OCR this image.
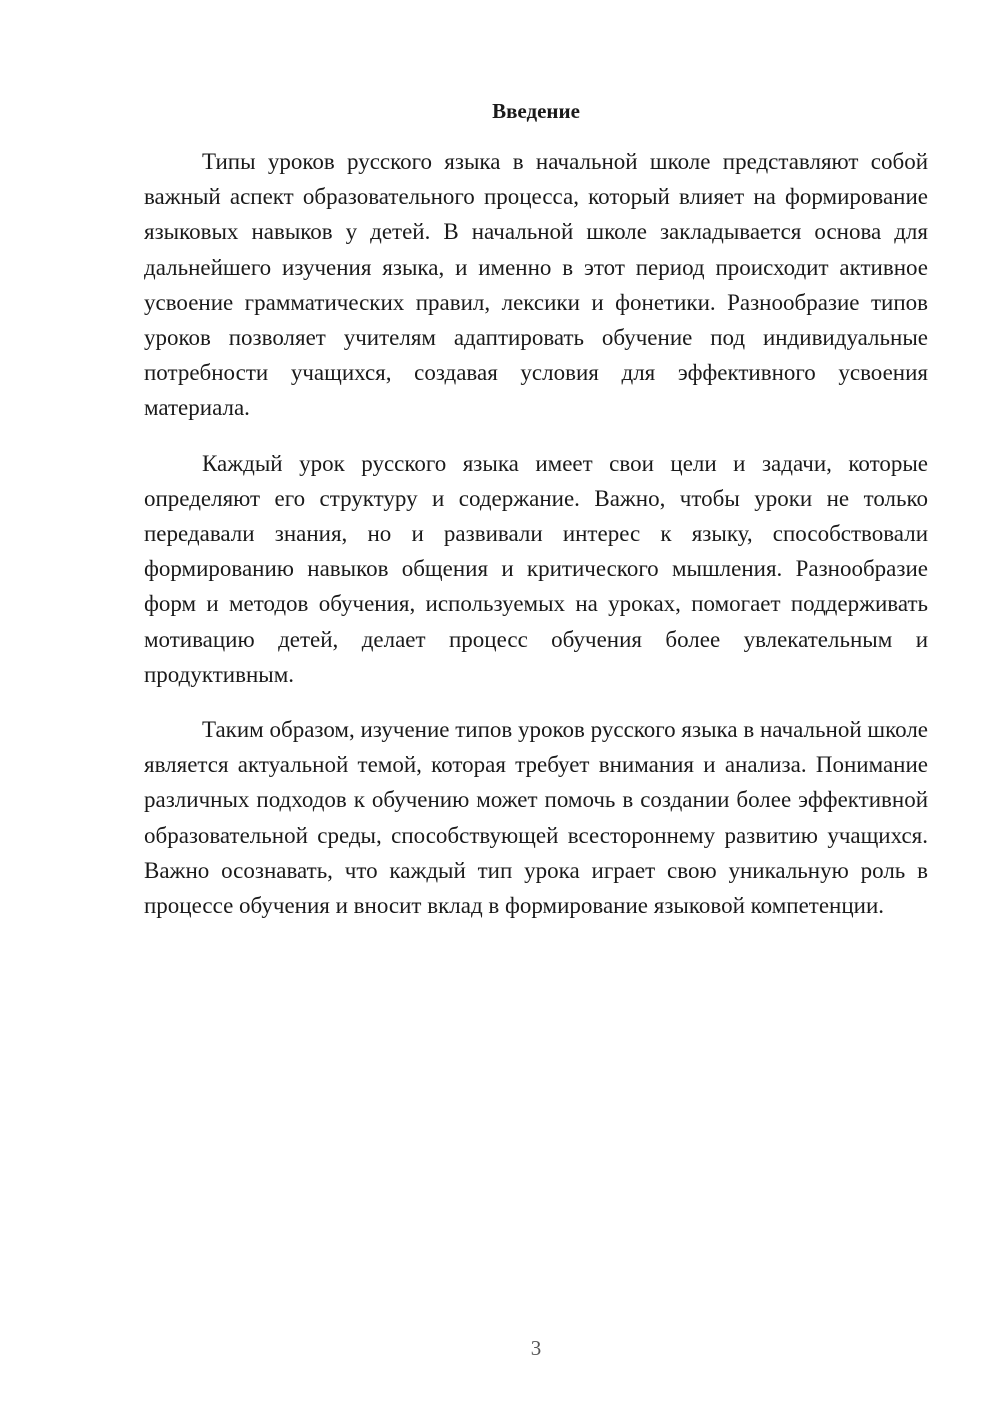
Введение

Типы уроков русского языка в начальной школе представляют собой важный аспект образовательного процесса, который влияет на формирование языковых навыков у детей. В начальной школе закладывается основа для дальнейшего изучения языка, и именно в этот период происходит активное усвоение грамматических правил, лексики и фонетики. Разнообразие типов уроков позволяет учителям адаптировать обучение под индивидуальные потребности учащихся, создавая условия для эффективного усвоения материала.

Каждый урок русского языка имеет свои цели и задачи, которые определяют его структуру и содержание. Важно, чтобы уроки не только передавали знания, но и развивали интерес к языку, способствовали формированию навыков общения и критического мышления. Разнообразие форм и методов обучения, используемых на уроках, помогает поддерживать мотивацию детей, делает процесс обучения более увлекательным и продуктивным.

Таким образом, изучение типов уроков русского языка в начальной школе является актуальной темой, которая требует внимания и анализа. Понимание различных подходов к обучению может помочь в создании более эффективной образовательной среды, способствующей всестороннему развитию учащихся. Важно осознавать, что каждый тип урока играет свою уникальную роль в процессе обучения и вносит вклад в формирование языковой компетенции.

3
